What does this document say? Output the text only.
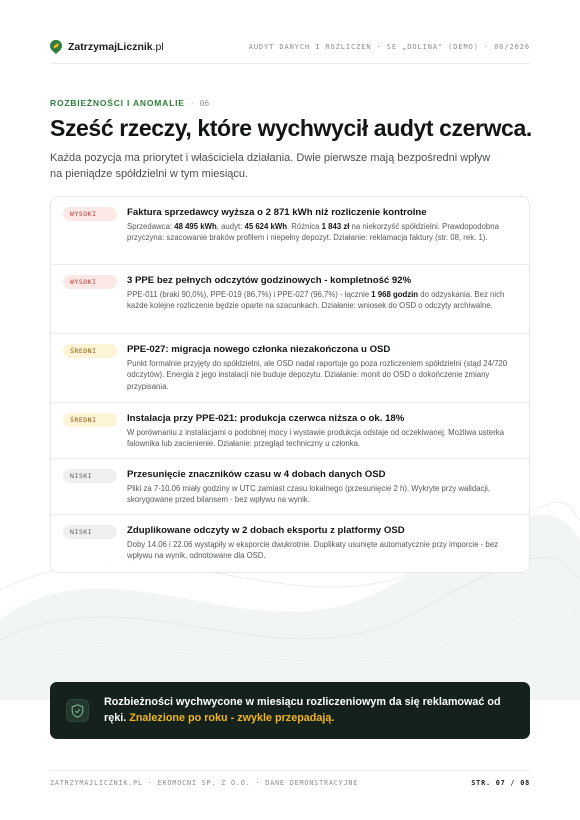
ZatrzymajLicznik.pl	AUDYT DANYCH I ROZLICZEŃ · SE „DOLINA" (DEMO) · 06/2026
ROZBIEŻNOŚCI I ANOMALIE · 06
Sześć rzeczy, które wychwycił audyt czerwca.

Każda pozycja ma priorytet i właściciela działania. Dwie pierwsze mają bezpośredni wpływ na pieniądze spółdzielni w tym miesiącu.

WYSOKI	Faktura sprzedawcy wyższa o 2 871 kWh niż rozliczenie kontrolne
Sprzedawca: 48 495 kWh, audyt: 45 624 kWh. Różnica 1 843 zł na niekorzyść spółdzielni. Prawdopodobna przyczyna: szacowanie braków profilem i niepełny depozyt. Działanie: reklamacja faktury (str. 08, rek. 1).
WYSOKI	3 PPE bez pełnych odczytów godzinowych - kompletność 92%
PPE-011 (braki 90,0%), PPE-019 (86,7%) i PPE-027 (96,7%) - łącznie 1 968 godzin do odzyskania. Bez nich każde kolejne rozliczenie będzie oparte na szacunkach. Działanie: wniosek do OSD o odczyty archiwalne.
ŚREDNI	PPE-027: migracja nowego członka niezakończona u OSD
Punkt formalnie przyjęty do spółdzielni, ale OSD nadal raportuje go poza rozliczeniem spółdzielni (stąd 24/720 odczytów). Energia z jego instalacji nie buduje depozytu. Działanie: monit do OSD o dokończenie zmiany przypisania.
ŚREDNI	Instalacja przy PPE-021: produkcja czerwca niższa o ok. 18%
W porównaniu z instalacjami o podobnej mocy i wystawie produkcja odstaje od oczekiwanej. Możliwa usterka falownika lub zacienienie. Działanie: przegląd techniczny u członka.
NISKI	Przesunięcie znaczników czasu w 4 dobach danych OSD
Pliki za 7-10.06 miały godziny w UTC zamiast czasu lokalnego (przesunięcie 2 h). Wykryte przy walidacji, skorygowane przed bilansem - bez wpływu na wynik.
NISKI	Zduplikowane odczyty w 2 dobach eksportu z platformy OSD
Doby 14.06 i 22.06 wystąpiły w eksporcie dwukrotnie. Duplikaty usunięte automatycznie przy imporcie - bez wpływu na wynik, odnotowane dla OSD.
Rozbieżności wychwycone w miesiącu rozliczeniowym da się reklamować od ręki. Znalezione po roku - zwykle przepadają.
ZATRZYMAJLICZNIK.PL · EKOMOCNI SP. Z O.O. · DANE DEMONSTRACYJNE	STR. 07 / 08
